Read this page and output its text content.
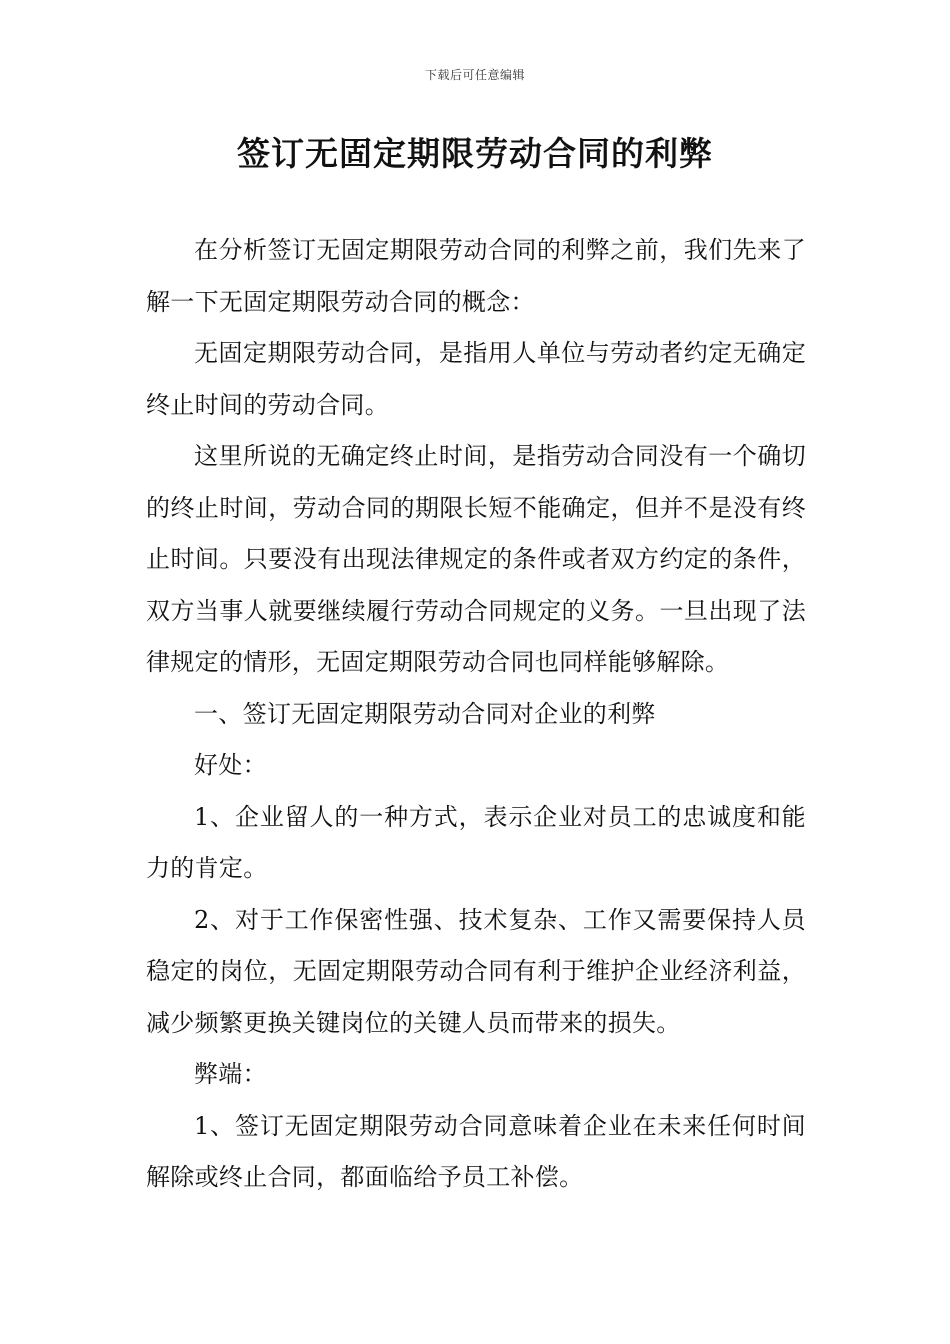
下载后可任意编辑
签订无固定期限劳动合同的利弊

在分析签订无固定期限劳动合同的利弊之前，我们先来了解一下无固定期限劳动合同的概念：

无固定期限劳动合同，是指用人单位与劳动者约定无确定终止时间的劳动合同。

这里所说的无确定终止时间，是指劳动合同没有一个确切的终止时间，劳动合同的期限长短不能确定，但并不是没有终止时间。只要没有出现法律规定的条件或者双方约定的条件，双方当事人就要继续履行劳动合同规定的义务。一旦出现了法律规定的情形，无固定期限劳动合同也同样能够解除。

一、签订无固定期限劳动合同对企业的利弊

好处：

1、企业留人的一种方式，表示企业对员工的忠诚度和能力的肯定。

2、对于工作保密性强、技术复杂、工作又需要保持人员稳定的岗位，无固定期限劳动合同有利于维护企业经济利益，减少频繁更换关键岗位的关键人员而带来的损失。

弊端：

1、签订无固定期限劳动合同意味着企业在未来任何时间解除或终止合同，都面临给予员工补偿。
